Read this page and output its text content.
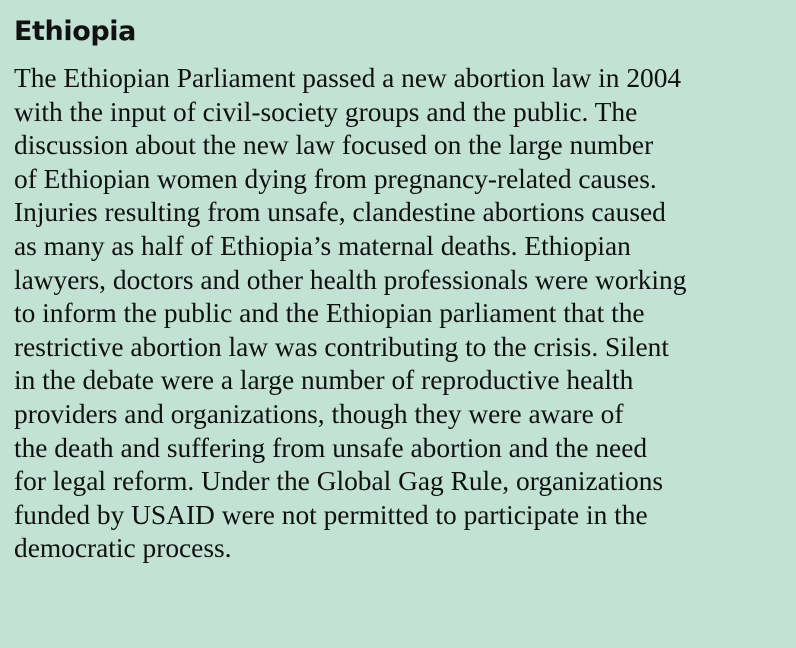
Ethiopia

The Ethiopian Parliament passed a new abortion law in 2004
with the input of civil-society groups and the public. The
discussion about the new law focused on the large number
of Ethiopian women dying from pregnancy-related causes.
Injuries resulting from unsafe, clandestine abortions caused
as many as half of Ethiopia’s maternal deaths. Ethiopian
lawyers, doctors and other health professionals were working
to inform the public and the Ethiopian parliament that the
restrictive abortion law was contributing to the crisis. Silent
in the debate were a large number of reproductive health
providers and organizations, though they were aware of
the death and suffering from unsafe abortion and the need
for legal reform. Under the Global Gag Rule, organizations
funded by USAID were not permitted to participate in the
democratic process.
